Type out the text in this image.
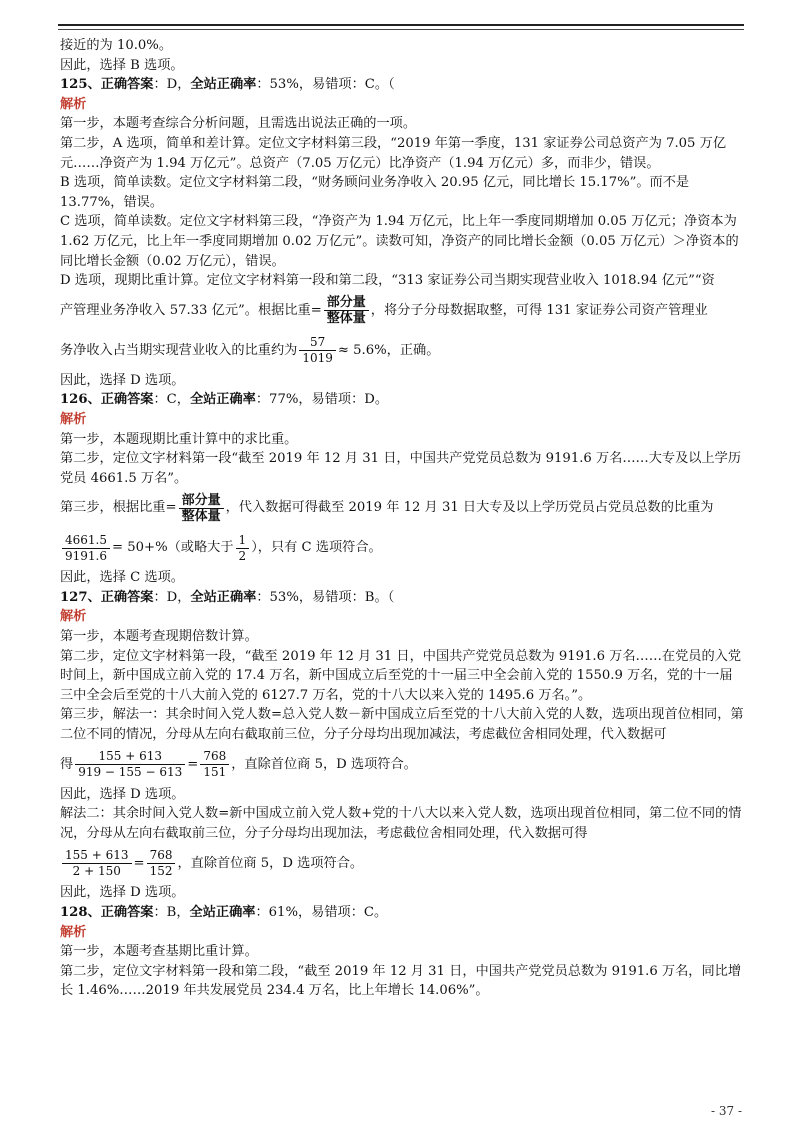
接近的为 10.0%。

因此，选择 B 选项。

125、正确答案：D，全站正确率：53%，易错项：C。（

解析

第一步，本题考查综合分析问题，且需选出说法正确的一项。

第二步，A 选项，简单和差计算。定位文字材料第三段，“2019 年第一季度，131 家证券公司总资产为 7.05 万亿元……净资产为 1.94 万亿元”。总资产（7.05 万亿元）比净资产（1.94 万亿元）多，而非少，错误。

B 选项，简单读数。定位文字材料第二段，“财务顾问业务净收入 20.95 亿元，同比增长 15.17%”。而不是 13.77%，错误。

C 选项，简单读数。定位文字材料第三段，“净资产为 1.94 万亿元，比上年一季度同期增加 0.05 万亿元；净资本为 1.62 万亿元，比上年一季度同期增加 0.02 万亿元”。读数可知，净资产的同比增长金额（0.05 万亿元）＞净资本的同比增长金额（0.02 万亿元），错误。

D 选项，现期比重计算。定位文字材料第一段和第二段，“313 家证券公司当期实现营业收入 1018.94 亿元”“资

产管理业务净收入 57.33 亿元”。根据比重= $\frac{\text{部分量}}{\text{整体量}}$ ，将分子分母数据取整，可得 131 家证券公司资产管理业

务净收入占当期实现营业收入的比重约为 $\frac{57}{1019} \approx 5.6\%$ ，正确。

因此，选择 D 选项。

126、正确答案：C，全站正确率：77%，易错项：D。

解析

第一步，本题现期比重计算中的求比重。

第二步，定位文字材料第一段“截至 2019 年 12 月 31 日，中国共产党党员总数为 9191.6 万名……大专及以上学历党员 4661.5 万名”。

第三步，根据比重= $\frac{\text{部分量}}{\text{整体量}}$ ，代入数据可得截至 2019 年 12 月 31 日大专及以上学历党员占党员总数的比重为

$\frac{4661.5}{9191.6} = 50+\%$ （或略大于 $\frac{1}{2}$ ），只有 C 选项符合。

因此，选择 C 选项。

127、正确答案：D，全站正确率：53%，易错项：B。（

解析

第一步，本题考查现期倍数计算。

第二步，定位文字材料第一段，“截至 2019 年 12 月 31 日，中国共产党党员总数为 9191.6 万名……在党员的入党时间上，新中国成立前入党的 17.4 万名，新中国成立后至党的十一届三中全会前入党的 1550.9 万名，党的十一届三中全会后至党的十八大前入党的 6127.7 万名，党的十八大以来入党的 1495.6 万名。”。

第三步，解法一：其余时间入党人数=总入党人数－新中国成立后至党的十八大前入党的人数，选项出现首位相同，第二位不同的情况，分母从左向右截取前三位，分子分母均出现加减法，考虑截位舍相同处理，代入数据可

得 $\frac{155 + 613}{919 - 155 - 613} = \frac{768}{151}$ ，直除首位商 5，D 选项符合。

因此，选择 D 选项。

解法二：其余时间入党人数=新中国成立前入党人数+党的十八大以来入党人数，选项出现首位相同，第二位不同的情况，分母从左向右截取前三位，分子分母均出现加法，考虑截位舍相同处理，代入数据可得

$\frac{155 + 613}{2 + 150} = \frac{768}{152}$ ，直除首位商 5，D 选项符合。

因此，选择 D 选项。

128、正确答案：B，全站正确率：61%，易错项：C。

解析

第一步，本题考查基期比重计算。

第二步，定位文字材料第一段和第二段，“截至 2019 年 12 月 31 日，中国共产党党员总数为 9191.6 万名，同比增长 1.46%……2019 年共发展党员 234.4 万名，比上年增长 14.06%”。

- 37 -
